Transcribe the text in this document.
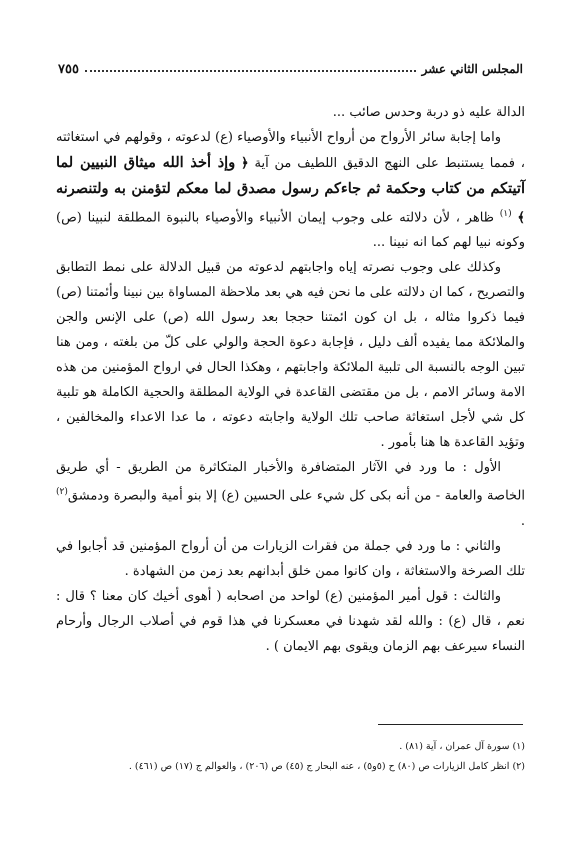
المجلس الثاني عشر
٧٥٥

الدالة عليه ذو دربة وحدس صائب ...

واما إجابة سائر الأرواح من أرواح الأنبياء والأوصياء (ع) لدعوته ، وقولهم في استغاثته ، فمما يستنبط على النهج الدقيق اللطيف من آية ﴿ وإذ أخذ الله ميثاق النبيين لما آتيتكم من كتاب وحكمة ثم جاءكم رسول مصدق لما معكم لتؤمنن به ولتنصرنه ﴾ $^{(١)}$ ظاهر ، لأن دلالته على وجوب إيمان الأنبياء والأوصياء بالنبوة المطلقة لنبينا (ص) وكونه نبيا لهم كما انه نبينا ...

وكذلك على وجوب نصرته إياه واجابتهم لدعوته من قبيل الدلالة على نمط التطابق والتصريح ، كما ان دلالته على ما نحن فيه هي بعد ملاحظة المساواة بين نبينا وأئمتنا (ص) فيما ذكروا مثاله ، بل ان كون ائمتنا حججا بعد رسول الله (ص) على الإنس والجن والملائكة مما يفيده ألف دليل ، فإجابة دعوة الحجة والولي على كلّ من بلغته ، ومن هنا تبين الوجه بالنسبة الى تلبية الملائكة واجابتهم ، وهكذا الحال في ارواح المؤمنين من هذه الامة وسائر الامم ، بل من مقتضى القاعدة في الولاية المطلقة والحجية الكاملة هو تلبية كل شي لأجل استغاثة صاحب تلك الولاية واجابته دعوته ، ما عدا الاعداء والمخالفين ، وتؤيد القاعدة ها هنا بأمور .

الأول : ما ورد في الآثار المتضافرة والأخبار المتكاثرة من الطريق - أي طريق الخاصة والعامة - من أنه بكى كل شيء على الحسين (ع) إلا بنو أمية والبصرة ودمشق$^{(٢)}$ .

والثاني : ما ورد في جملة من فقرات الزيارات من أن أرواح المؤمنين قد أجابوا في تلك الصرخة والاستغاثة ، وان كانوا ممن خلق أبدانهم بعد زمن من الشهادة .

والثالث : قول أمير المؤمنين (ع) لواحد من اصحابه ( أهوى أخيك كان معنا ؟ قال : نعم ، قال (ع) : والله لقد شهدنا في معسكرنا في هذا قوم في أصلاب الرجال وأرحام النساء سيرعف بهم الزمان ويقوى بهم الايمان ) .

(١) سورة آل عمران ، آية (٨١) .

(٢) انظر كامل الزيارات ص (٨٠) ح (٥و٥) ، عنه البحار ج (٤٥) ص (٢٠٦) ، والعوالم ج (١٧) ص (٤٦١) .
